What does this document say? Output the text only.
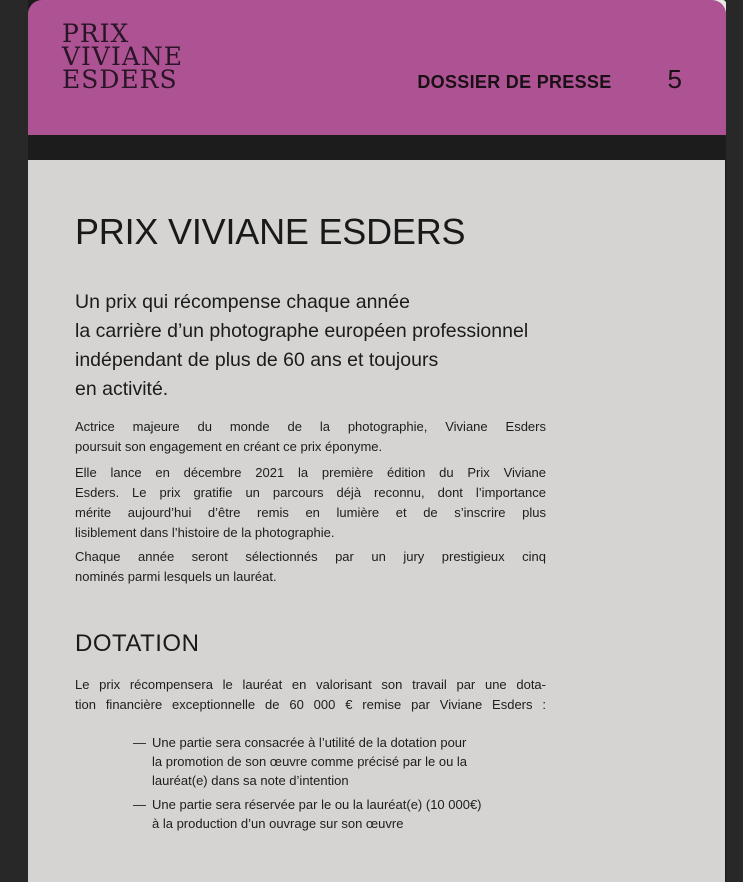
PRIX
VIVIANE
ESDERS	DOSSIER DE PRESSE 5
PRIX VIVIANE ESDERS
Un prix qui récompense chaque année
la carrière d’un photographe européen professionnel
indépendant de plus de 60 ans et toujours
en activité.
Actrice majeure du monde de la photographie, Viviane Esders
poursuit son engagement en créant ce prix éponyme.
Elle lance en décembre 2021 la première édition du Prix Viviane
Esders. Le prix gratifie un parcours déjà reconnu, dont l’importance
mérite aujourd’hui d’être remis en lumière et de s’inscrire plus
lisiblement dans l’histoire de la photographie.
Chaque année seront sélectionnés par un jury prestigieux cinq
nominés parmi lesquels un lauréat.
DOTATION
Le prix récompensera le lauréat en valorisant son travail par une dota-
tion financière exceptionnelle de 60 000 € remise par Viviane Esders :
— Une partie sera consacrée à l’utilité de la dotation pour
la promotion de son œuvre comme précisé par le ou la
lauréat(e) dans sa note d’intention
— Une partie sera réservée par le ou la lauréat(e) (10 000€)
à la production d’un ouvrage sur son œuvre
